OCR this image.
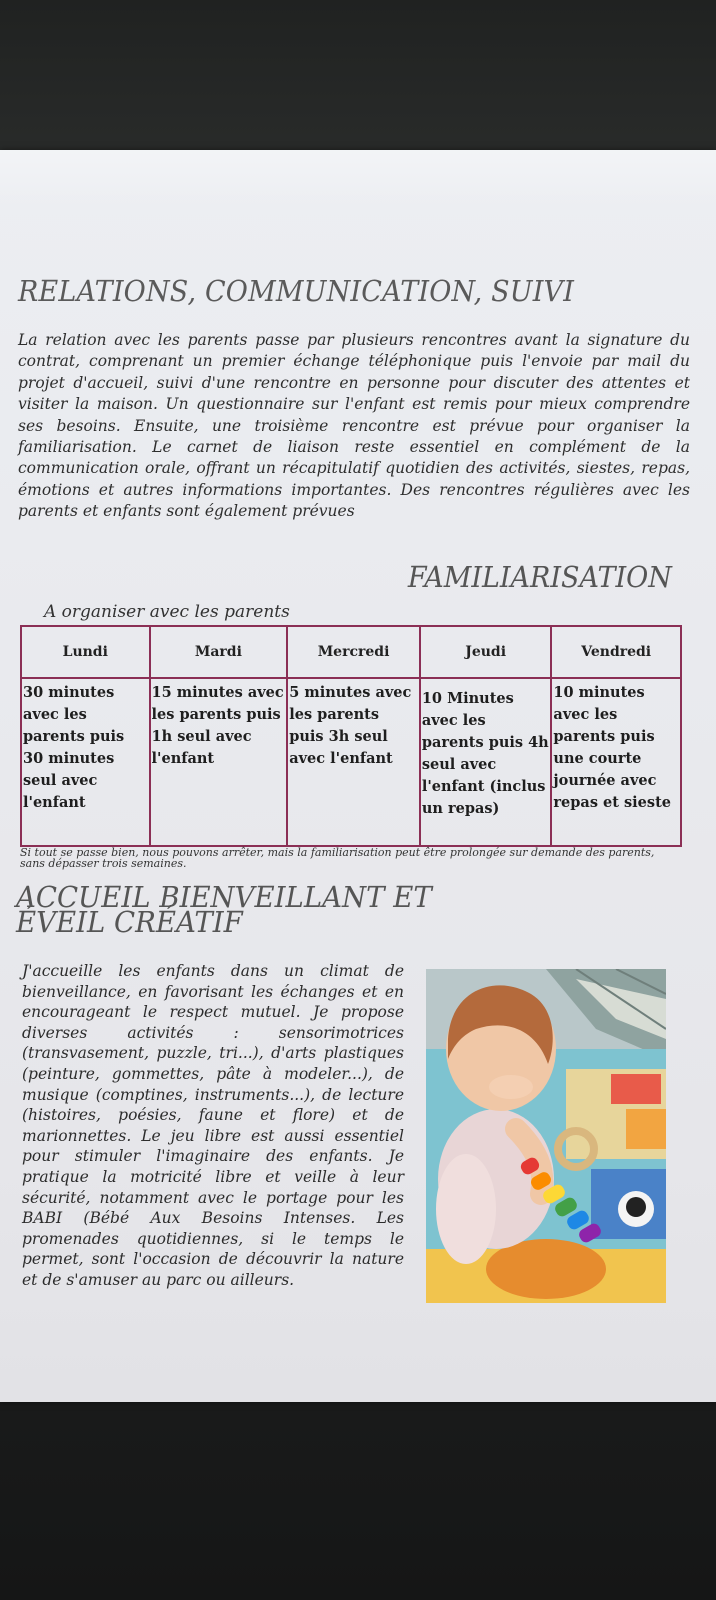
RELATIONS, COMMUNICATION, SUIVI
La relation avec les parents passe par plusieurs rencontres avant la signature du contrat, comprenant un premier échange téléphonique puis l'envoie par mail du projet d'accueil, suivi d'une rencontre en personne pour discuter des attentes et visiter la maison. Un questionnaire sur l'enfant est remis pour mieux comprendre ses besoins. Ensuite, une troisième rencontre est prévue pour organiser la familiarisation. Le carnet de liaison reste essentiel en complément de la communication orale, offrant un récapitulatif quotidien des activités, siestes, repas, émotions et autres informations importantes. Des rencontres régulières avec les parents et enfants sont également prévues
FAMILIARISATION
A organiser avec les parents
Lundi	Mardi	Mercredi	Jeudi	Vendredi
30 minutes avec les parents puis 30 minutes seul avec l'enfant	15 minutes avec les parents puis 1h seul avec l'enfant	5 minutes avec les parents puis 3h seul avec l'enfant	10 Minutes avec les parents puis 4h seul avec l'enfant (inclus un repas)	10 minutes avec les parents puis une courte journée avec repas et sieste
Si tout se passe bien, nous pouvons arrêter, mais la familiarisation peut être prolongée sur demande des parents, sans dépasser trois semaines.
ACCUEIL BIENVEILLANT ET
ÉVEIL CRÉATIF
J'accueille les enfants dans un climat de bienveillance, en favorisant les échanges et en encourageant le respect mutuel. Je propose diverses activités : sensorimotrices (transvasement, puzzle, tri...), d'arts plastiques (peinture, gommettes, pâte à modeler...), de musique (comptines, instruments...), de lecture (histoires, poésies, faune et flore) et de marionnettes. Le jeu libre est aussi essentiel pour stimuler l'imaginaire des enfants. Je pratique la motricité libre et veille à leur sécurité, notamment avec le portage pour les BABI (Bébé Aux Besoins Intenses. Les promenades quotidiennes, si le temps le permet, sont l'occasion de découvrir la nature et de s'amuser au parc ou ailleurs.
